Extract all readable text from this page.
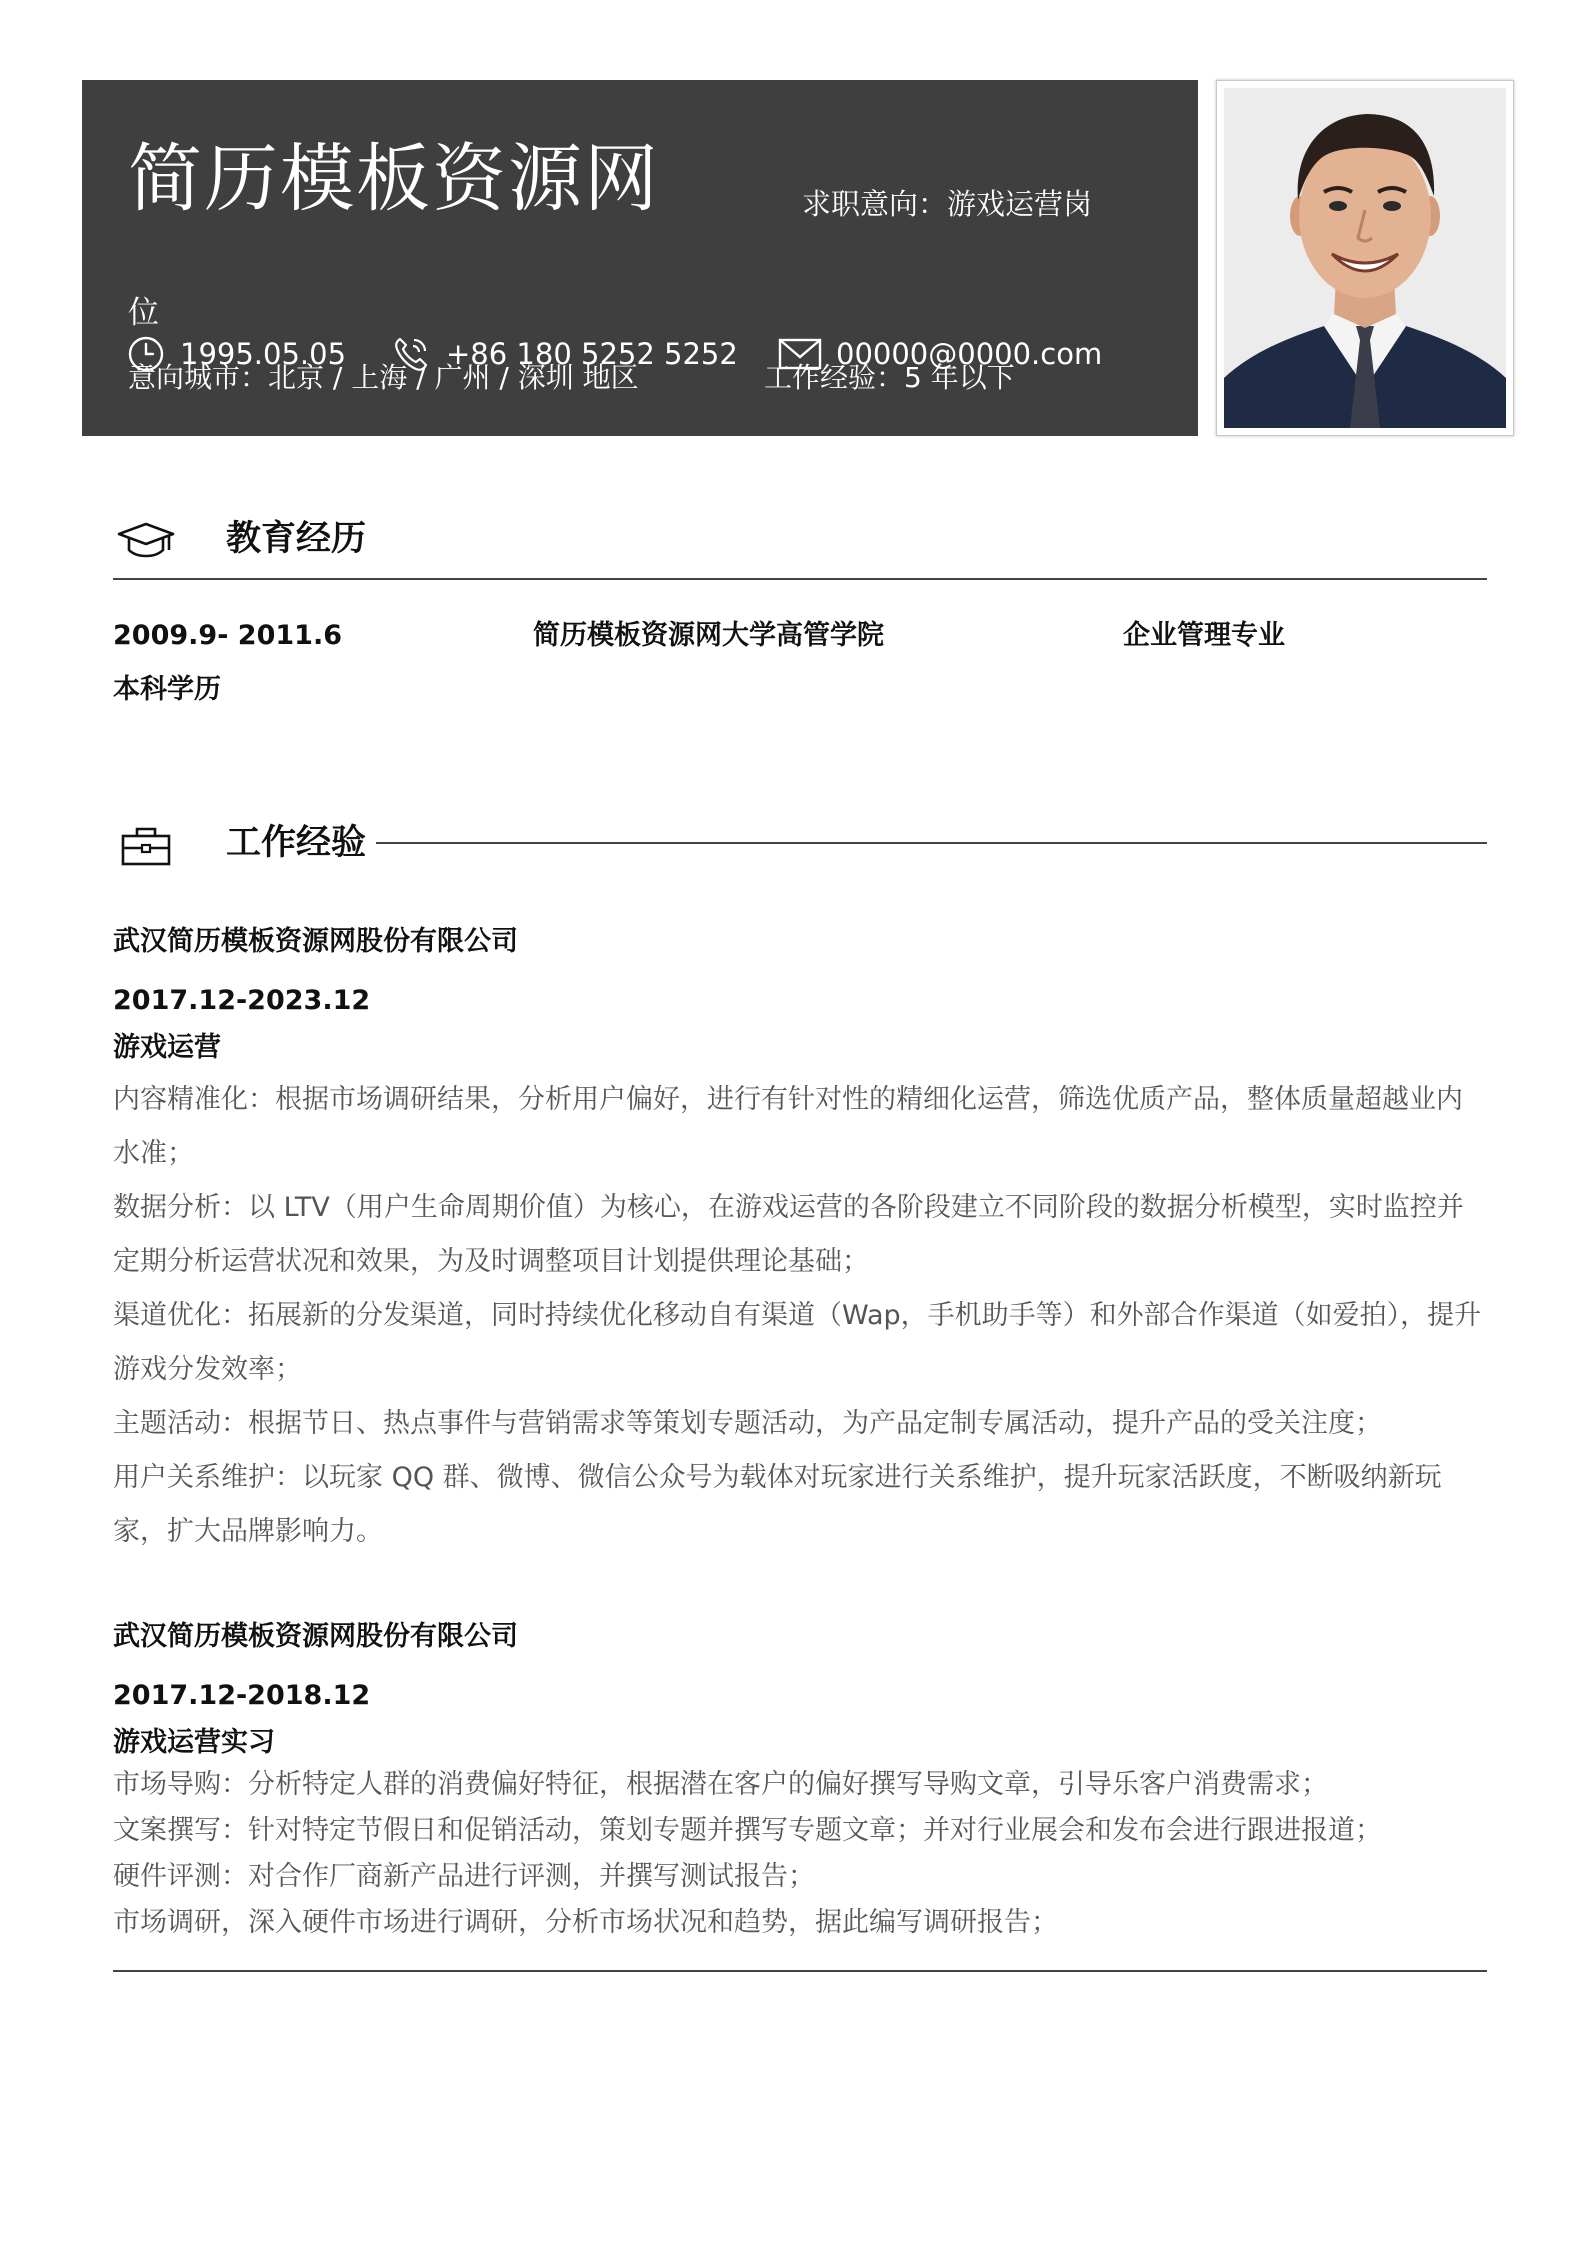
简历模板资源网	求职意向：游戏运营岗
位
1995.05.05	+86 180 5252 5252	00000@0000.com
意向城市：北京 / 上海 / 广州 / 深圳 地区	工作经验：5 年以下
教育经历
2009.9- 2011.6	简历模板资源网大学高管学院	企业管理专业
本科学历
工作经验
武汉简历模板资源网股份有限公司
2017.12-2023.12
游戏运营

内容精准化：根据市场调研结果，分析用户偏好，进行有针对性的精细化运营，筛选优质产品，整体质量超越业内水准；

数据分析：以 LTV（用户生命周期价值）为核心，在游戏运营的各阶段建立不同阶段的数据分析模型，实时监控并定期分析运营状况和效果，为及时调整项目计划提供理论基础；

渠道优化：拓展新的分发渠道，同时持续优化移动自有渠道（Wap，手机助手等）和外部合作渠道（如爱拍），提升游戏分发效率；

主题活动：根据节日、热点事件与营销需求等策划专题活动，为产品定制专属活动，提升产品的受关注度；

用户关系维护：以玩家 QQ 群、微博、微信公众号为载体对玩家进行关系维护，提升玩家活跃度，不断吸纳新玩家，扩大品牌影响力。

武汉简历模板资源网股份有限公司
2017.12-2018.12
游戏运营实习

市场导购：分析特定人群的消费偏好特征，根据潜在客户的偏好撰写导购文章，引导乐客户消费需求；

文案撰写：针对特定节假日和促销活动，策划专题并撰写专题文章；并对行业展会和发布会进行跟进报道；

硬件评测：对合作厂商新产品进行评测，并撰写测试报告；

市场调研，深入硬件市场进行调研，分析市场状况和趋势，据此编写调研报告；
